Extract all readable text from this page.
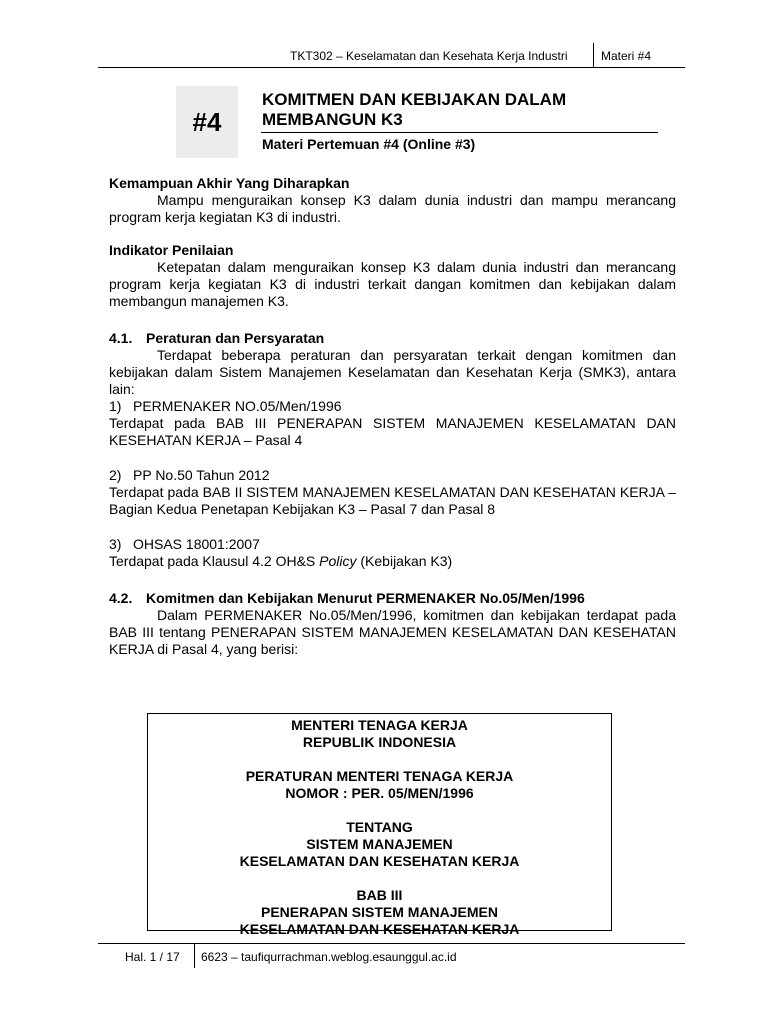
TKT302 – Keselamatan dan Kesehata Kerja Industri	Materi #4
#4
KOMITMEN DAN KEBIJAKAN DALAM
MEMBANGUN K3
Materi Pertemuan #4 (Online #3)

Kemampuan Akhir Yang Diharapkan

Mampu menguraikan konsep K3 dalam dunia industri dan mampu merancang program kerja kegiatan K3 di industri.

Indikator Penilaian

Ketepatan dalam menguraikan konsep K3 dalam dunia industri dan merancang program kerja kegiatan K3 di industri terkait dangan komitmen dan kebijakan dalam membangun manajemen K3.

4.1. Peraturan dan Persyaratan

Terdapat beberapa peraturan dan persyaratan terkait dengan komitmen dan kebijakan dalam Sistem Manajemen Keselamatan dan Kesehatan Kerja (SMK3), antara lain:

1) PERMENAKER NO.05/Men/1996

Terdapat pada BAB III PENERAPAN SISTEM MANAJEMEN KESELAMATAN DAN KESEHATAN KERJA – Pasal 4

2) PP No.50 Tahun 2012

Terdapat pada BAB II SISTEM MANAJEMEN KESELAMATAN DAN KESEHATAN KERJA – Bagian Kedua Penetapan Kebijakan K3 – Pasal 7 dan Pasal 8

3) OHSAS 18001:2007

Terdapat pada Klausul 4.2 OH&S Policy (Kebijakan K3)

4.2. Komitmen dan Kebijakan Menurut PERMENAKER No.05/Men/1996

Dalam PERMENAKER No.05/Men/1996, komitmen dan kebijakan terdapat pada BAB III tentang PENERAPAN SISTEM MANAJEMEN KESELAMATAN DAN KESEHATAN KERJA di Pasal 4, yang berisi:

MENTERI TENAGA KERJA
REPUBLIK INDONESIA
PERATURAN MENTERI TENAGA KERJA
NOMOR : PER. 05/MEN/1996
TENTANG
SISTEM MANAJEMEN
KESELAMATAN DAN KESEHATAN KERJA
BAB III
PENERAPAN SISTEM MANAJEMEN
KESELAMATAN DAN KESEHATAN KERJA
Hal. 1 / 17 6623 – taufiqurrachman.weblog.esaunggul.ac.id
